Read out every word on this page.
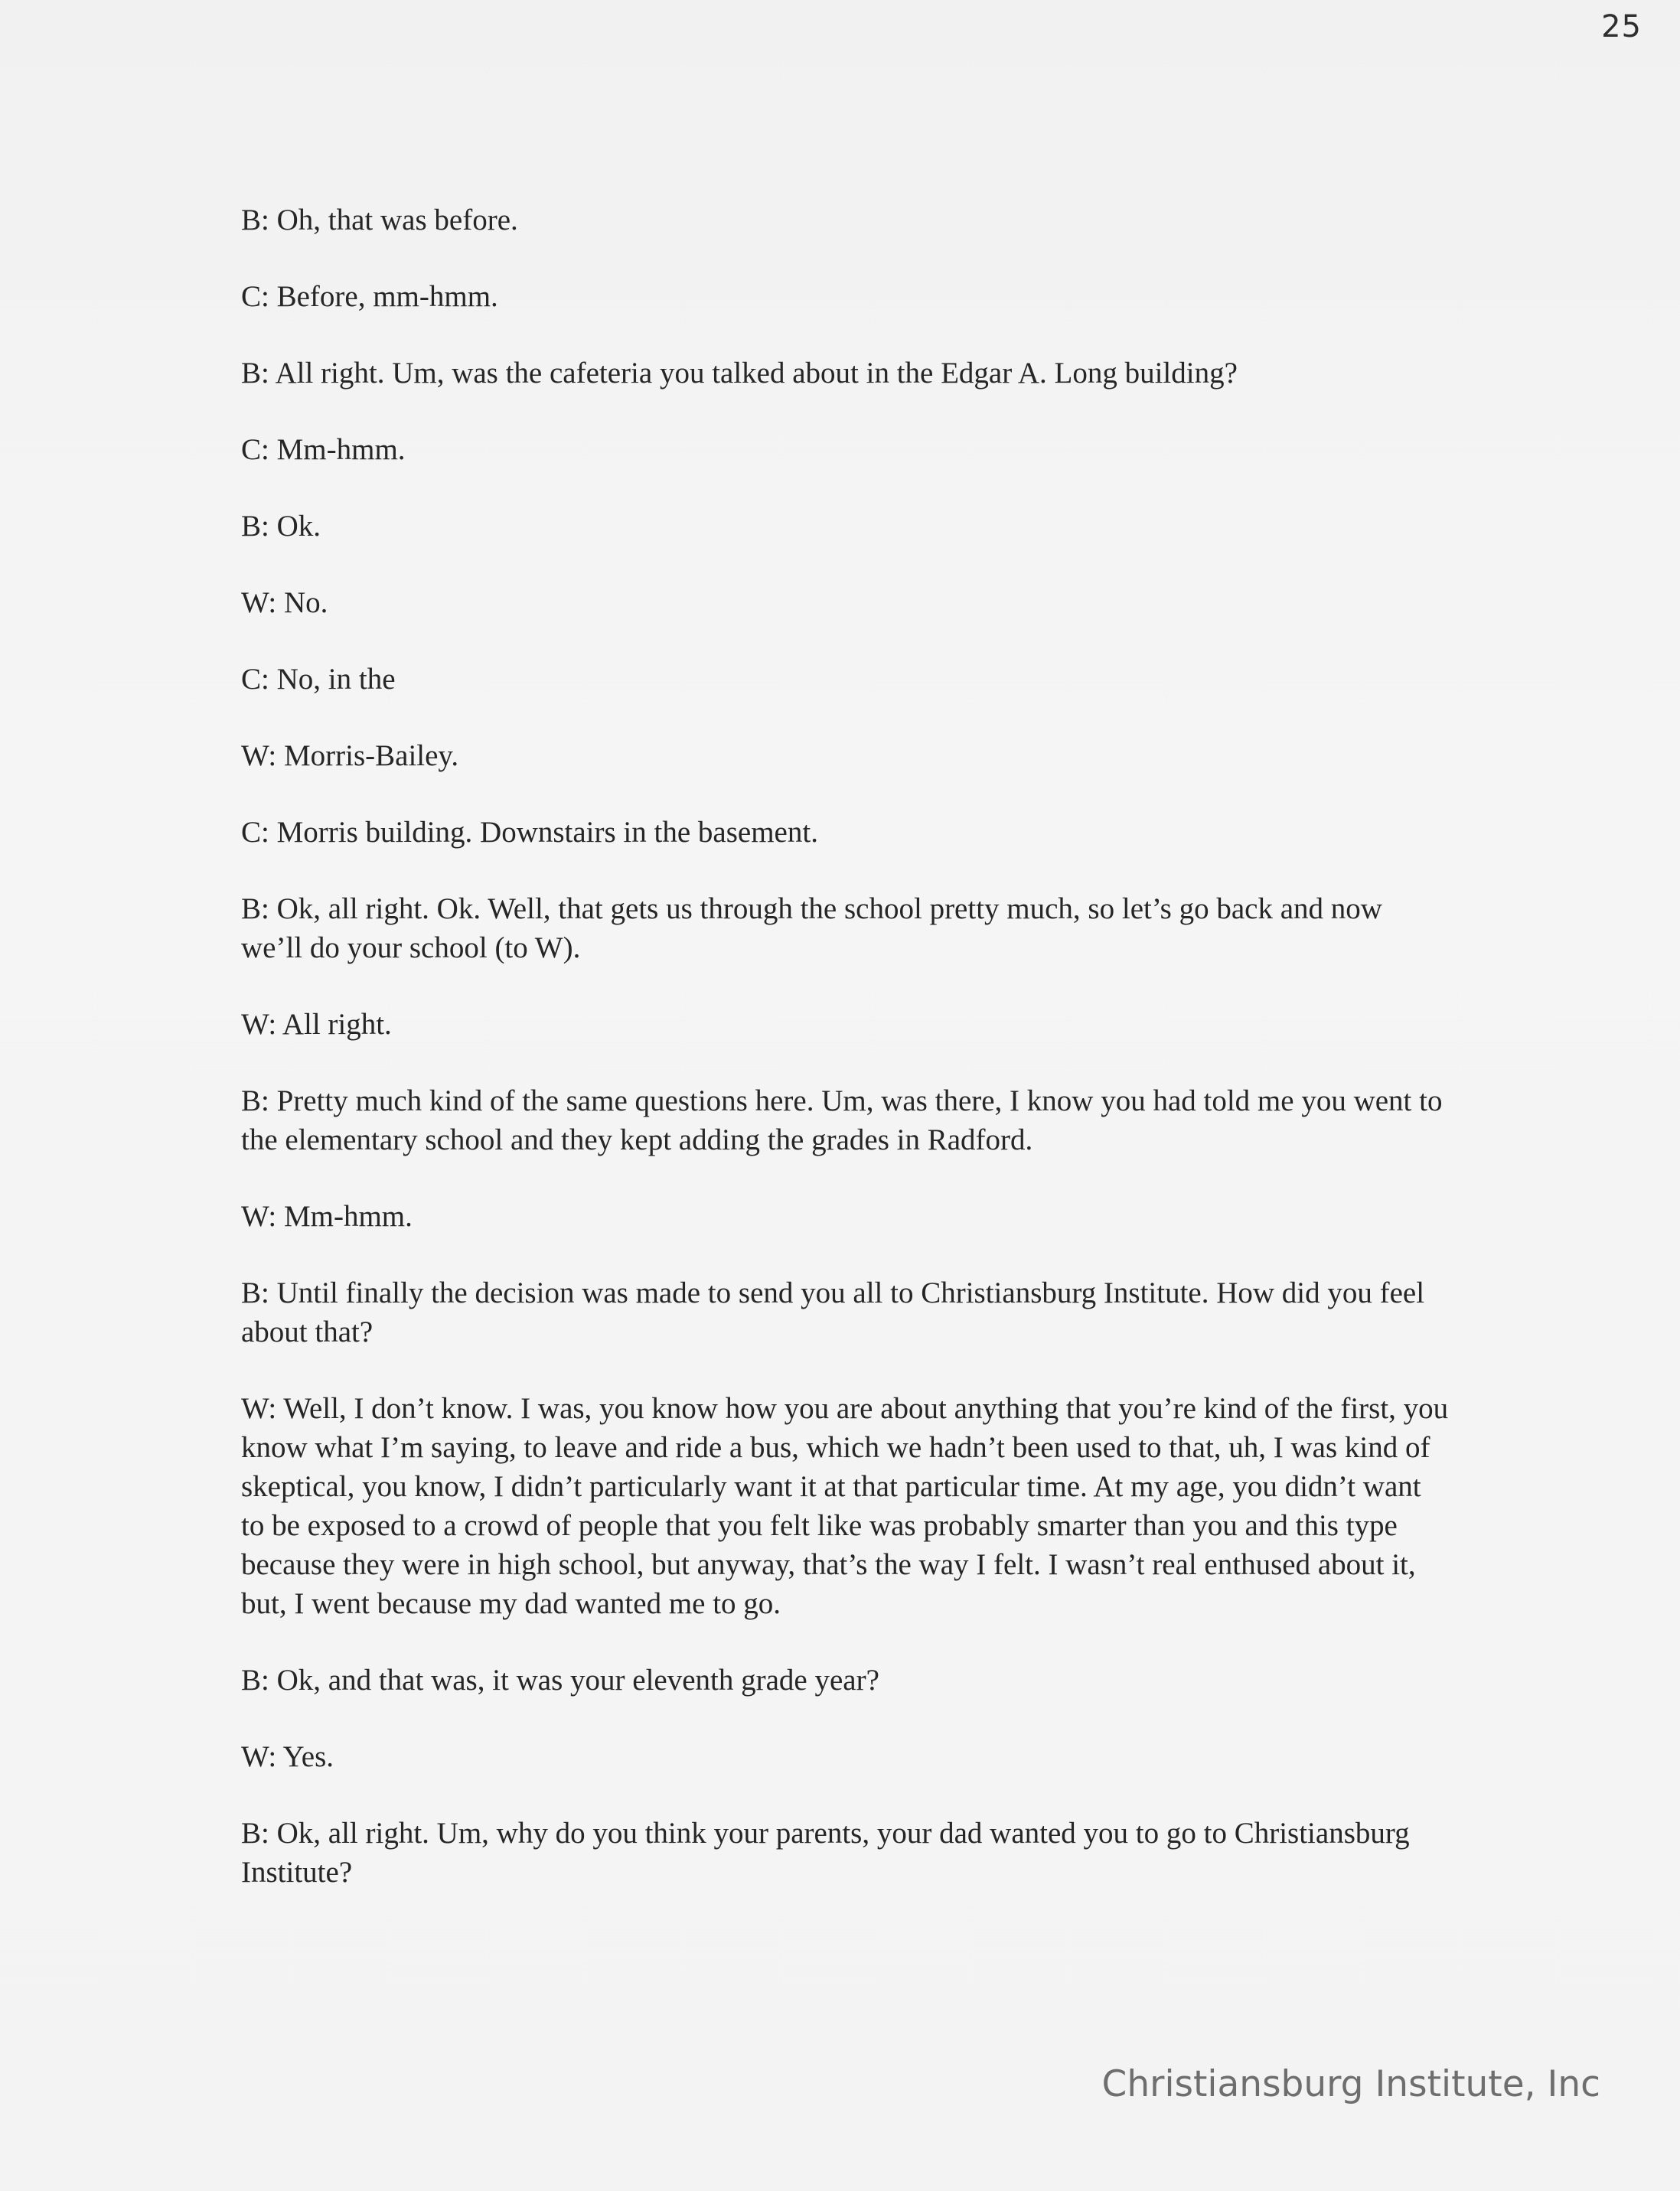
25

B : Oh, that was before.

C : Before, mm-hmm.

B : All right. Um, was the cafeteria you talked about in the Edgar A. Long building?

C : Mm-hmm.

B : Ok.

W : No.

C : No, in the

W : Morris-Bailey.

C : Morris building. Downstairs in the basement.

B : Ok, all right. Ok. Well, that gets us through the school pretty much, so let’s go back and now we’ll do your school (to W).

W : All right.

B : Pretty much kind of the same questions here. Um, was there, I know you had told me you went to the elementary school and they kept adding the grades in Radford.

W : Mm-hmm.

B : Until finally the decision was made to send you all to Christiansburg Institute. How did you feel about that?

W : Well, I don’t know. I was, you know how you are about anything that you’re kind of the first, you know what I’m saying, to leave and ride a bus, which we hadn’t been used to that, uh, I was kind of skeptical, you know, I didn’t particularly want it at that particular time. At my age, you didn’t want to be exposed to a crowd of people that you felt like was probably smarter than you and this type because they were in high school, but anyway, that’s the way I felt. I wasn’t real enthused about it, but, I went because my dad wanted me to go.

B : Ok, and that was, it was your eleventh grade year?

W : Yes.

B : Ok, all right. Um, why do you think your parents, your dad wanted you to go to Christiansburg Institute?

Christiansburg Institute, Inc
